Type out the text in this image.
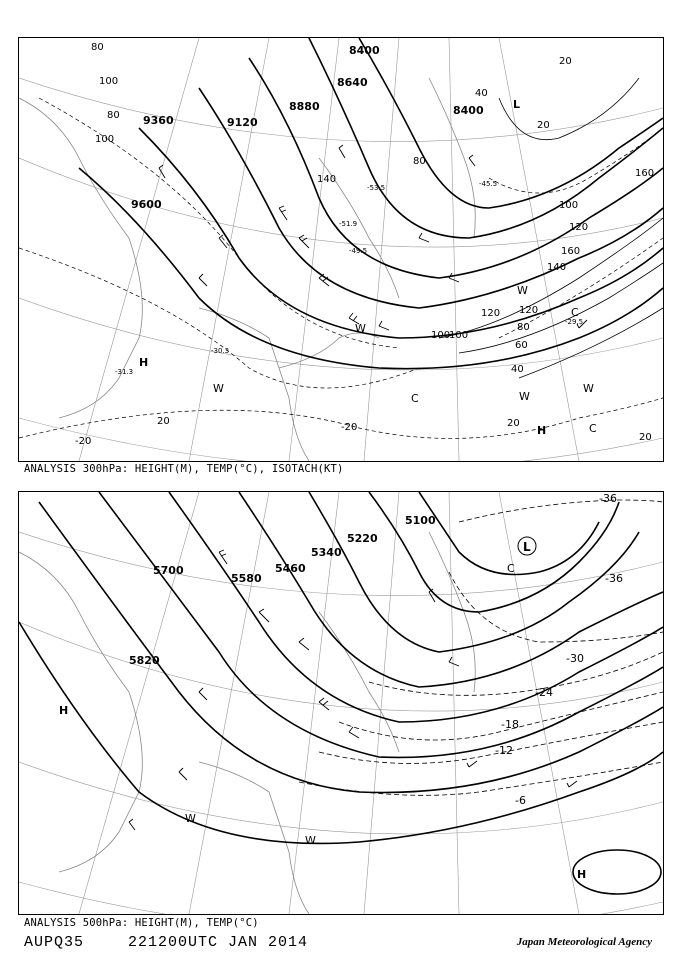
8400
8640
8880
9120
9360
9600
8400
80
100
80
100
140
120
160
40
80
100
60
80
100
120
140
160
100
120
40
20	20
20
20
20
-20
-20
-53.5
-51.9
-49.5
-45.5
-30.3
-29.5
-31.3
L
H
H
W
W
W
C	W
W
C
C
ANALYSIS 300hPa: HEIGHT(M), TEMP(°C), ISOTACH(KT)
5100
5220
5340
5460
5580
5700
5820
-36
-30
-24
-18
-12
-6
-36
L
H
H
C
W
W
ANALYSIS 500hPa: HEIGHT(M), TEMP(°C)
AUPQ35	221200UTC JAN 2014	Japan Meteorological Agency
